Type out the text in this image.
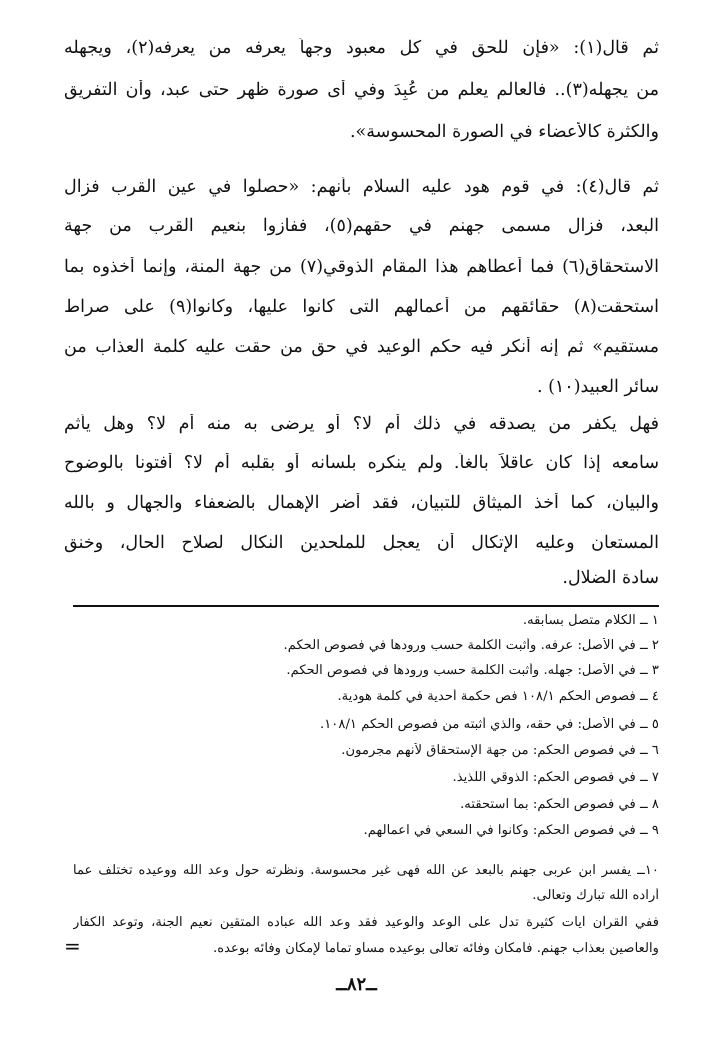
ثم قال(١): «فإن للحق في كل معبود وجهاً يعرفه من يعرفه(٢)، ويجهله
من يجهله(٣).. فالعالم يعلم من عُبِدَ وفي أى صورة ظهر حتى عبد، وأن التفريق
والكثرة كالأعضاء في الصورة المحسوسة».
ثم قال(٤): في قوم هود عليه السلام بأنهم: «حصلوا في عين القرب فزال
البعد، فزال مسمى جهنم في حقهم(٥)، ففازوا بنعيم القرب من جهة
الاستحقاق(٦) فما أعطاهم هذا المقام الذوقي(٧) من جهة المنة، وإنما أخذوه بما
استحقت(٨) حقائقهم من أعمالهم التى كانوا عليها، وكانوا(٩) على صراط
مستقيم» ثم إنه أنكر فيه حكم الوعيد في حق من حقت عليه كلمة العذاب من
سائر العبيد(١٠) .
فهل يكفر من يصدقه في ذلك أم لا؟ أو يرضى به منه أم لا؟ وهل يأثم
سامعه إذا كان عاقلاً بالغاً. ولم ينكره بلسانه أو بقلبه أم لا؟ أفتونا بالوضوح
والبيان، كما أخذ الميثاق للتبيان، فقد أضر الإهمال بالضعفاء والجهال و بالله
المستعان وعليه الإتكال أن يعجل للملحدين النكال لصلاح الحال، وخنق
سادة الضلال.
١ ــ الكلام متصل بسابقه.
٢ ــ في الأصل: عرفه. وأثبت الكلمة حسب ورودها في فصوص الحكم.
٣ ــ في الأصل: جهله. وأثبت الكلمة حسب ورودها في فصوص الحكم.
٤ ــ فصوص الحكم ١٠٨/١ فص حكمة أحدية في كلمة هودية.
٥ ــ في الأصل: في حقه، والذي أثبته من فصوص الحكم ١٠٨/١.
٦ ــ في فصوص الحكم: من جهة الإستحقاق لأنهم مجرمون.
٧ ــ في فصوص الحكم: الذوقي اللذيذ.
٨ ــ في فصوص الحكم: بما استحقته.
٩ ــ في فصوص الحكم: وكانوا في السعي في اعمالهم.
١٠ــ يفسر ابن عربى جهنم بالبعد عن الله فهى غير محسوسة. ونظرته حول وعد الله ووعيده تختلف عما
أراده الله تبارك وتعالى.
ففي القرآن آيات كثيرة تدل على الوعد والوعيد فقد وعد الله عباده المتقين نعيم الجنة، وتوعد الكفار
والعاصين بعذاب جهنم. فامكان وفائه تعالى بوعيده مساو تماماً لإمكان وفائه بوعده.
=
ــ٨٢ــ
